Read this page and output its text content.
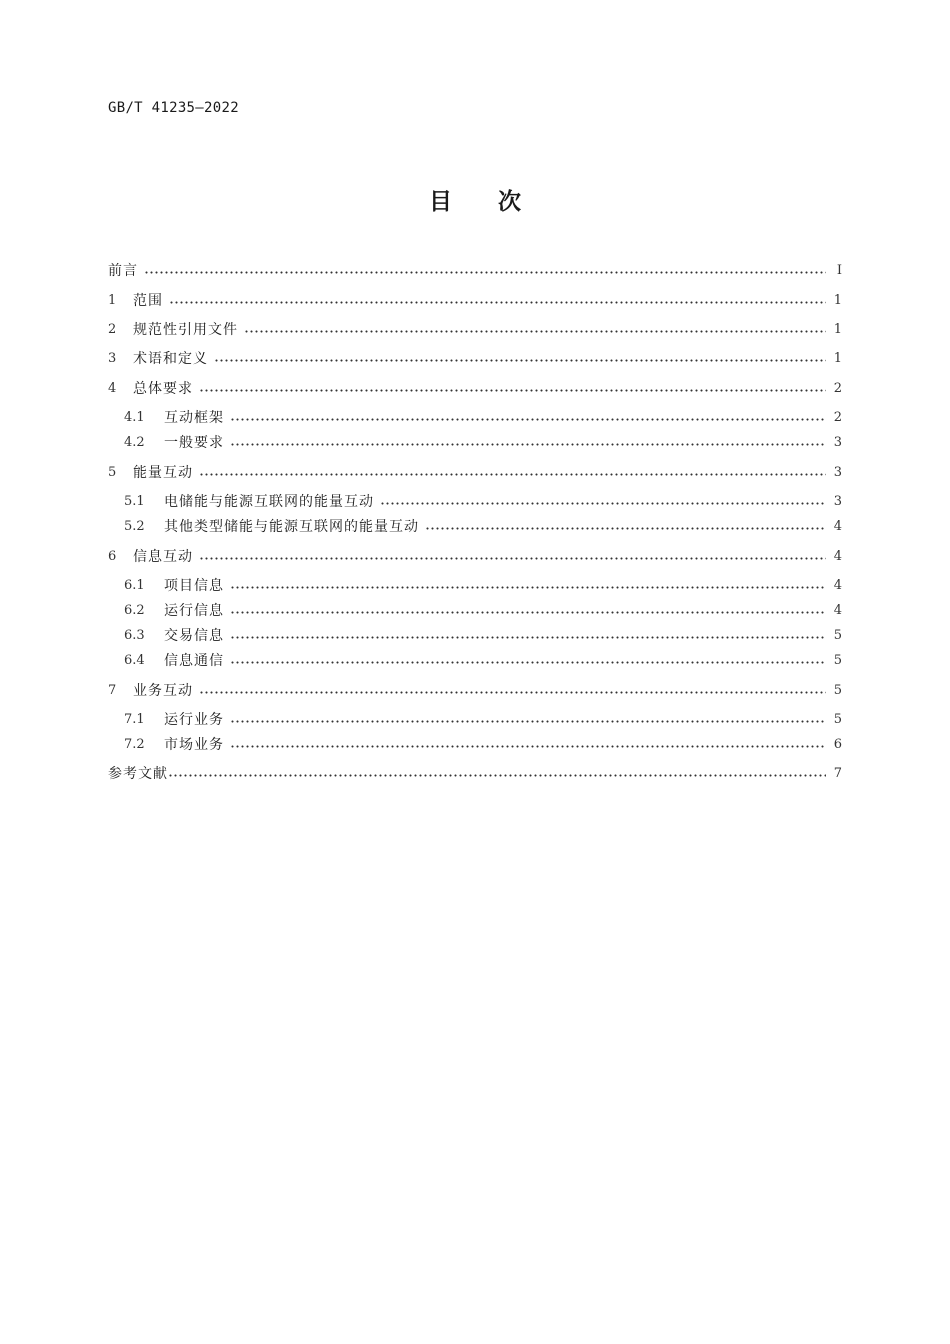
GB/T 41235—2022
目次
前言	Ⅰ
1	范围	1
2	规范性引用文件	1
3	术语和定义	1
4	总体要求	2
4.1	互动框架	2
4.2	一般要求	3
5	能量互动	3
5.1	电储能与能源互联网的能量互动	3
5.2	其他类型储能与能源互联网的能量互动	4
6	信息互动	4
6.1	项目信息	4
6.2	运行信息	4
6.3	交易信息	5
6.4	信息通信	5
7	业务互动	5
7.1	运行业务	5
7.2	市场业务	6
参考文献	7
